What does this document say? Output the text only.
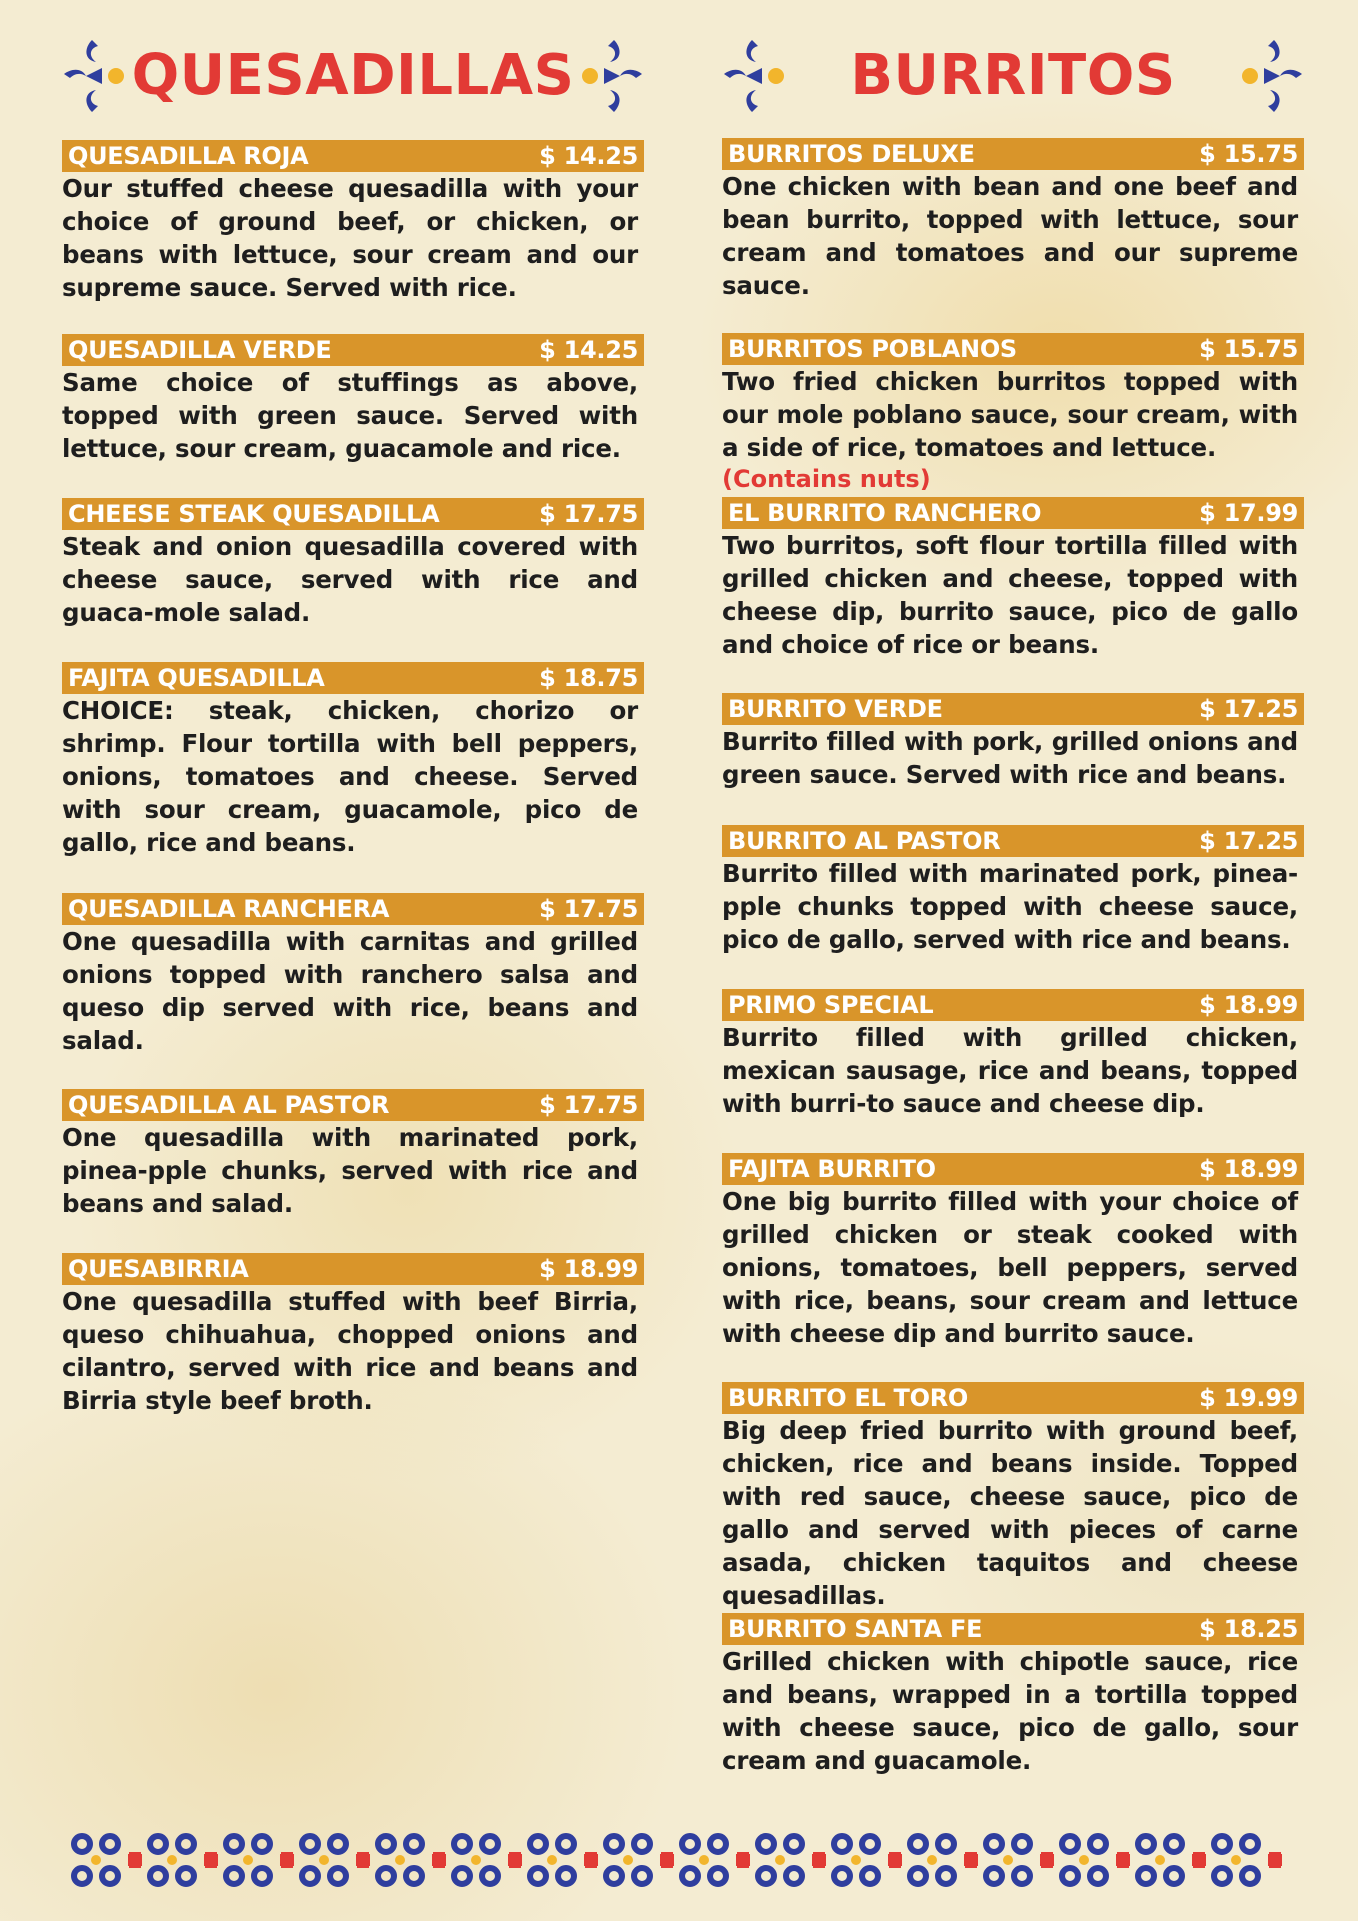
QUESADILLAS
QUESADILLA ROJA	$ 14.25
Our stuffed cheese quesadilla with your choice of ground beef, or chicken, or beans with lettuce, sour cream and our supreme sauce. Served with rice.
QUESADILLA VERDE	$ 14.25
Same choice of stuffings as above, topped with green sauce. Served with lettuce, sour cream, guacamole and rice.
CHEESE STEAK QUESADILLA	$ 17.75
Steak and onion quesadilla covered with cheese sauce, served with rice and guaca-mole salad.
FAJITA QUESADILLA	$ 18.75
CHOICE: steak, chicken, chorizo or shrimp. Flour tortilla with bell peppers, onions, tomatoes and cheese. Served with sour cream, guacamole, pico de gallo, rice and beans.
QUESADILLA RANCHERA	$ 17.75
One quesadilla with carnitas and grilled onions topped with ranchero salsa and queso dip served with rice, beans and salad.
QUESADILLA AL PASTOR	$ 17.75
One quesadilla with marinated pork, pinea-pple chunks, served with rice and beans and salad.
QUESABIRRIA	$ 18.99
One quesadilla stuffed with beef Birria, queso chihuahua, chopped onions and cilantro, served with rice and beans and Birria style beef broth.
BURRITOS
BURRITOS DELUXE	$ 15.75
One chicken with bean and one beef and bean burrito, topped with lettuce, sour cream and tomatoes and our supreme sauce.
BURRITOS POBLANOS	$ 15.75
Two fried chicken burritos topped with our mole poblano sauce, sour cream, with a side of rice, tomatoes and lettuce.
(Contains nuts)
EL BURRITO RANCHERO	$ 17.99
Two burritos, soft flour tortilla filled with grilled chicken and cheese, topped with cheese dip, burrito sauce, pico de gallo and choice of rice or beans.
BURRITO VERDE	$ 17.25
Burrito filled with pork, grilled onions and green sauce. Served with rice and beans.
BURRITO AL PASTOR	$ 17.25
Burrito filled with marinated pork, pinea-pple chunks topped with cheese sauce, pico de gallo, served with rice and beans.
PRIMO SPECIAL	$ 18.99
Burrito filled with grilled chicken, mexican sausage, rice and beans, topped with burri-to sauce and cheese dip.
FAJITA BURRITO	$ 18.99
One big burrito filled with your choice of grilled chicken or steak cooked with onions, tomatoes, bell peppers, served with rice, beans, sour cream and lettuce with cheese dip and burrito sauce.
BURRITO EL TORO	$ 19.99
Big deep fried burrito with ground beef, chicken, rice and beans inside. Topped with red sauce, cheese sauce, pico de gallo and served with pieces of carne asada, chicken taquitos and cheese quesadillas.
BURRITO SANTA FE	$ 18.25
Grilled chicken with chipotle sauce, rice and beans, wrapped in a tortilla topped with cheese sauce, pico de gallo, sour cream and guacamole.
